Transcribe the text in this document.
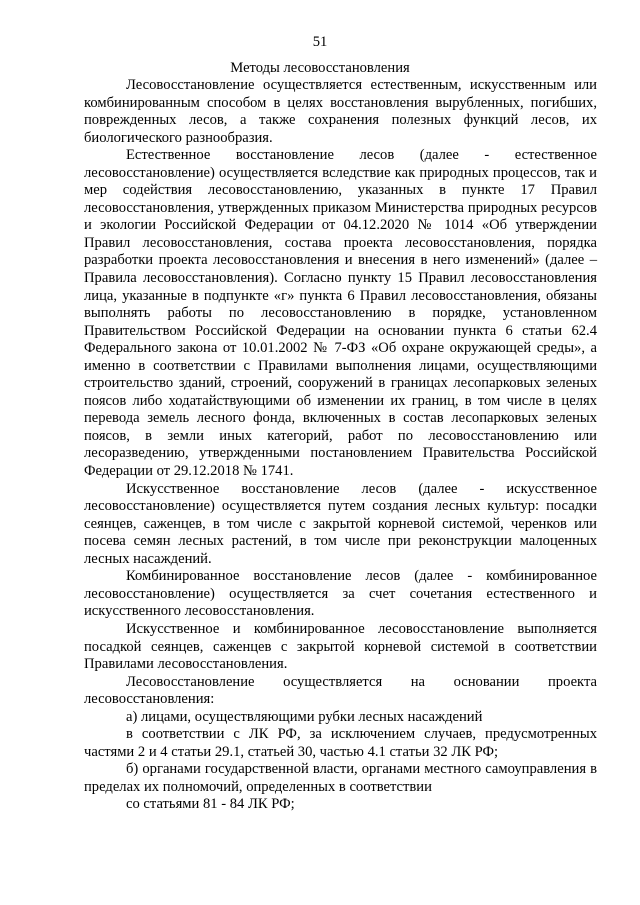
51
Методы лесовосстановления

Лесовосстановление осуществляется естественным, искусственным или комбинированным способом в целях восстановления вырубленных, погибших, поврежденных лесов, а также сохранения полезных функций лесов, их биологического разнообразия.

Естественное восстановление лесов (далее - естественное лесовосстановление) осуществляется вследствие как природных процессов, так и мер содействия лесовосстановлению, указанных в пункте 17 Правил лесовосстановления, утвержденных приказом Министерства природных ресурсов и экологии Российской Федерации от 04.12.2020 № 1014 «Об утверждении Правил лесовосстановления, состава проекта лесовосстановления, порядка разработки проекта лесовосстановления и внесения в него изменений» (далее – Правила лесовосстановления). Согласно пункту 15 Правил лесовосстановления лица, указанные в подпункте «г» пункта 6 Правил лесовосстановления, обязаны выполнять работы по лесовосстановлению в порядке, установленном Правительством Российской Федерации на основании пункта 6 статьи 62.4 Федерального закона от 10.01.2002 № 7-ФЗ «Об охране окружающей среды», а именно в соответствии с Правилами выполнения лицами, осуществляющими строительство зданий, строений, сооружений в границах лесопарковых зеленых поясов либо ходатайствующими об изменении их границ, в том числе в целях перевода земель лесного фонда, включенных в состав лесопарковых зеленых поясов, в земли иных категорий, работ по лесовосстановлению или лесоразведению, утвержденными постановлением Правительства Российской Федерации от 29.12.2018 № 1741.

Искусственное восстановление лесов (далее - искусственное лесовосстановление) осуществляется путем создания лесных культур: посадки сеянцев, саженцев, в том числе с закрытой корневой системой, черенков или посева семян лесных растений, в том числе при реконструкции малоценных лесных насаждений.

Комбинированное восстановление лесов (далее - комбинированное лесовосстановление) осуществляется за счет сочетания естественного и искусственного лесовосстановления.

Искусственное и комбинированное лесовосстановление выполняется посадкой сеянцев, саженцев с закрытой корневой системой в соответствии Правилами лесовосстановления.

Лесовосстановление осуществляется на основании проекта лесовосстановления:

а) лицами, осуществляющими рубки лесных насаждений

в соответствии с ЛК РФ, за исключением случаев, предусмотренных частями 2 и 4 статьи 29.1, статьей 30, частью 4.1 статьи 32 ЛК РФ;

б) органами государственной власти, органами местного самоуправления в пределах их полномочий, определенных в соответствии

со статьями 81 - 84 ЛК РФ;
